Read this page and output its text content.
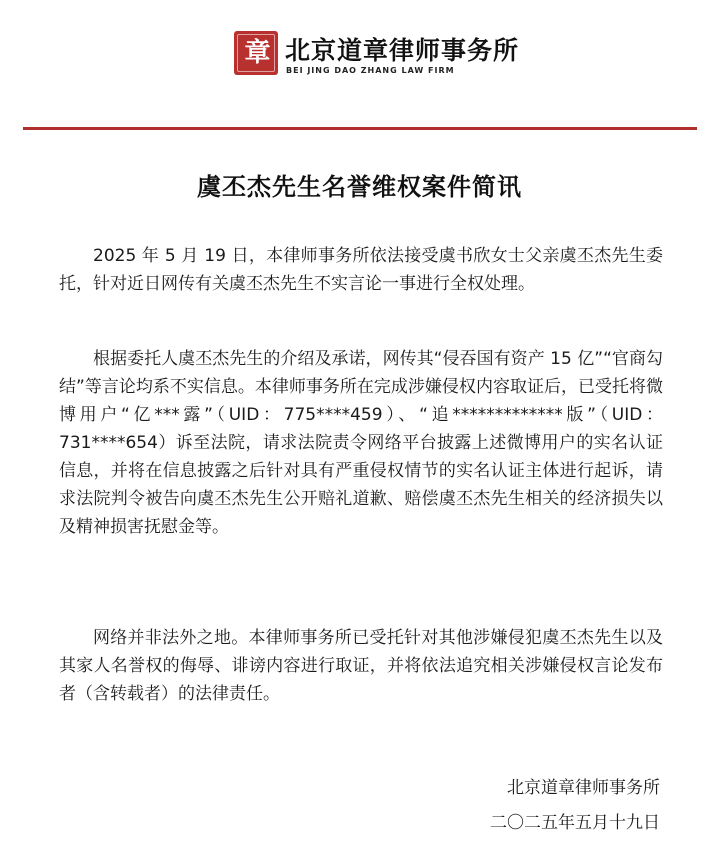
章道
北京道章律师事务所
BEI JING DAO ZHANG LAW FIRM
虞丕杰先生名誉维权案件简讯

2025 年 5 月 19 日，本律师事务所依法接受虞书欣女士父亲虞丕杰先生委托，针对近日网传有关虞丕杰先生不实言论一事进行全权处理。

根据委托人虞丕杰先生的介绍及承诺，网传其“侵吞国有资产 15 亿”“官商勾结”等言论均系不实信息。本律师事务所在完成涉嫌侵权内容取证后，已受托将微博用户“亿***露”（UID：775****459）、“追*************版”（UID：731****654）诉至法院，请求法院责令网络平台披露上述微博用户的实名认证信息，并将在信息披露之后针对具有严重侵权情节的实名认证主体进行起诉，请求法院判令被告向虞丕杰先生公开赔礼道歉、赔偿虞丕杰先生相关的经济损失以及精神损害抚慰金等。

网络并非法外之地。本律师事务所已受托针对其他涉嫌侵犯虞丕杰先生以及其家人名誉权的侮辱、诽谤内容进行取证，并将依法追究相关涉嫌侵权言论发布者（含转载者）的法律责任。

北京道章律师事务所
二〇二五年五月十九日
